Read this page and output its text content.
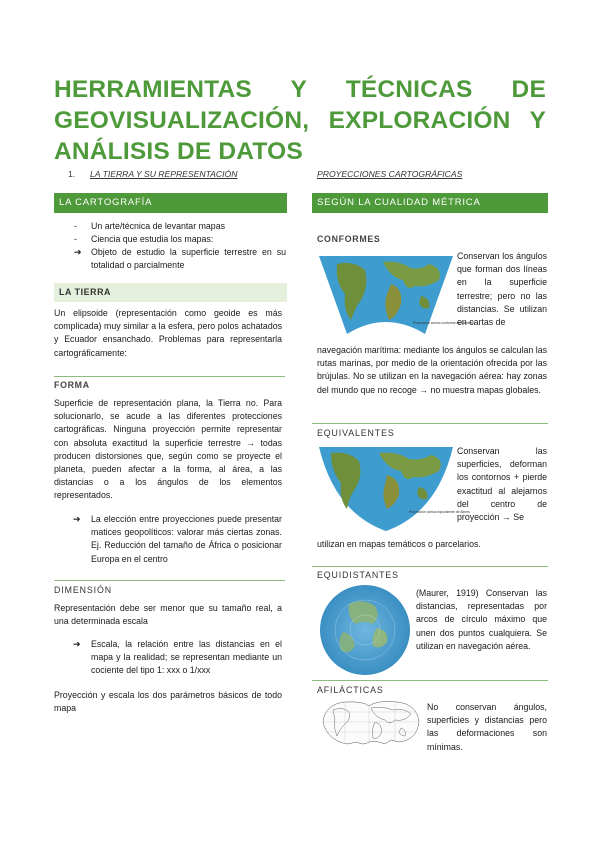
HERRAMIENTAS Y TÉCNICAS DE GEOVISUALIZACIÓN, EXPLORACIÓN Y ANÁLISIS DE DATOS
1. LA TIERRA Y SU REPRESENTACIÓN	PROYECCIONES CARTOGRÁFICAS
LA CARTOGRAFÍA
-	Un arte/técnica de levantar mapas
-	Ciencia que estudia los mapas:
➔	Objeto de estudio la superficie terrestre en su totalidad o parcialmente
LA TIERRA
Un elipsoide (representación como geoide es más complicada) muy similar a la esfera, pero polos achatados y Ecuador ensanchado. Problemas para representarla cartográficamente:
FORMA
Superficie de representación plana, la Tierra no. Para solucionarlo, se acude a las diferentes protecciones cartográficas. Ninguna proyección permite representar con absoluta exactitud la superficie terrestre → todas producen distorsiones que, según como se proyecte el planeta, pueden afectar a la forma, al área, a las distancias o a los ángulos de los elementos representados.
➔	La elección entre proyecciones puede presentar matices geopolíticos: valorar más ciertas zonas. Ej. Reducción del tamaño de África o posicionar Europa en el centro
DIMENSIÓN
Representación debe ser menor que su tamaño real, a una determinada escala
➔	Escala, la relación entre las distancias en el mapa y la realidad; se representan mediante un cociente del tipo 1: xxx o 1/xxx
Proyección y escala los dos parámetros básicos de todo mapa
SEGÚN LA CUALIDAD MÉTRICA
CONFORMES
Proyección cónica conforme de Lambert
Conservan los ángulos que forman dos líneas en la superficie terrestre; pero no las distancias. Se utilizan en cartas de
navegación marítima: mediante los ángulos se calculan las rutas marinas, por medio de la orientación ofrecida por las brújulas. No se utilizan en la navegación aérea: hay zonas del mundo que no recoge → no muestra mapas globales.
EQUIVALENTES
Proyección cónica equivalente de Albers
Conservan las superficies, deforman los contornos + pierde exactitud al alejarnos del centro de proyección → Se
utilizan en mapas temáticos o parcelarios.
EQUIDISTANTES
(Maurer, 1919) Conservan las distancias, representadas por arcos de círculo máximo que unen dos puntos cualquiera. Se utilizan en navegación aérea.
AFILÁCTICAS
No conservan ángulos, superficies y distancias pero las deformaciones son mínimas.
